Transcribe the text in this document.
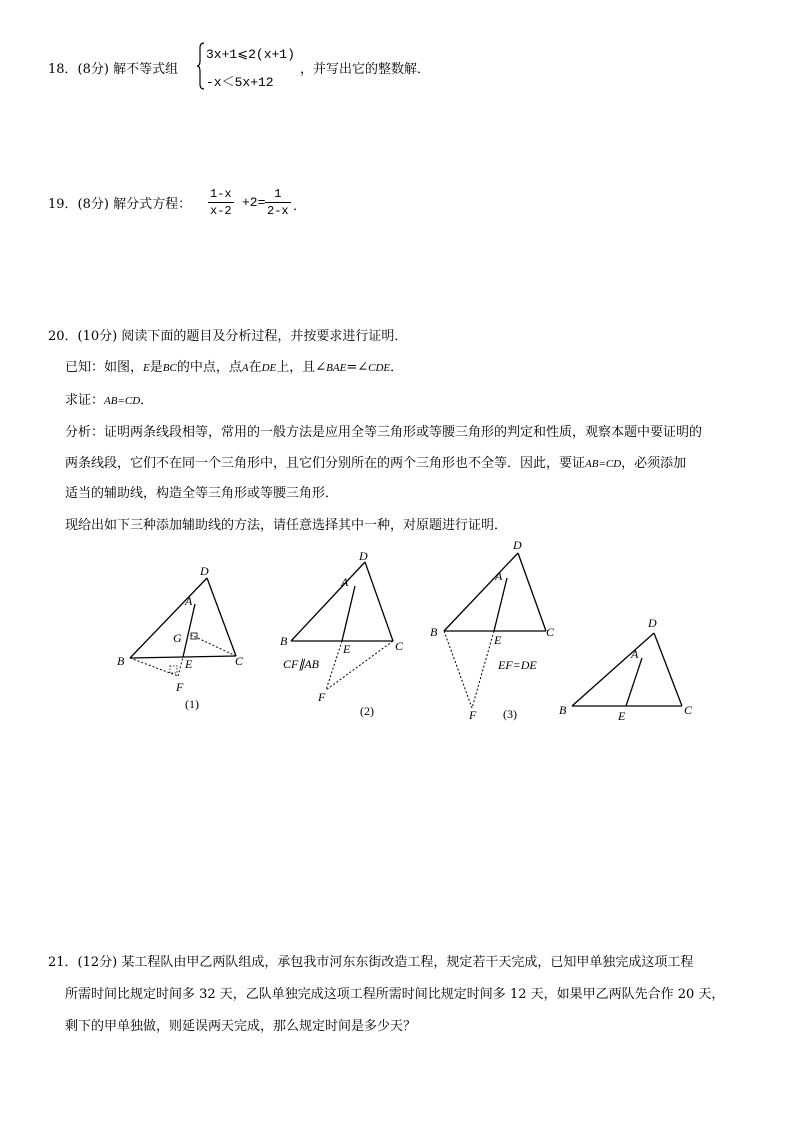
18．(8分) 解不等式组
3x+1⩽2(x+1)
-x＜5x+12
，并写出它的整数解．
19．(8分) 解分式方程： $\frac{1-x}{x-2} +2= \frac{1}{2-x}$ ．
20．(10分) 阅读下面的题目及分析过程，并按要求进行证明．
已知：如图，E是BC的中点，点A在DE上，且∠BAE=∠CDE．
求证：AB=CD．
分析：证明两条线段相等，常用的一般方法是应用全等三角形或等腰三角形的判定和性质，观察本题中要证明的
两条线段，它们不在同一个三角形中，且它们分别所在的两个三角形也不全等．因此，要证AB=CD，必须添加
适当的辅助线，构造全等三角形或等腰三角形．
现给出如下三种添加辅助线的方法，请任意选择其中一种，对原题进行证明．
D
A
G
B	E	C
F
(1)
D
A
B
E	C
F
CF∥AB
(2)
D
A
B
E
C
F
EF=DE
(3)
D
A
B	E	C
21．(12分) 某工程队由甲乙两队组成，承包我市河东东街改造工程，规定若干天完成，已知甲单独完成这项工程
所需时间比规定时间多 32 天，乙队单独完成这项工程所需时间比规定时间多 12 天，如果甲乙两队先合作 20 天，
剩下的甲单独做，则延误两天完成，那么规定时间是多少天？
